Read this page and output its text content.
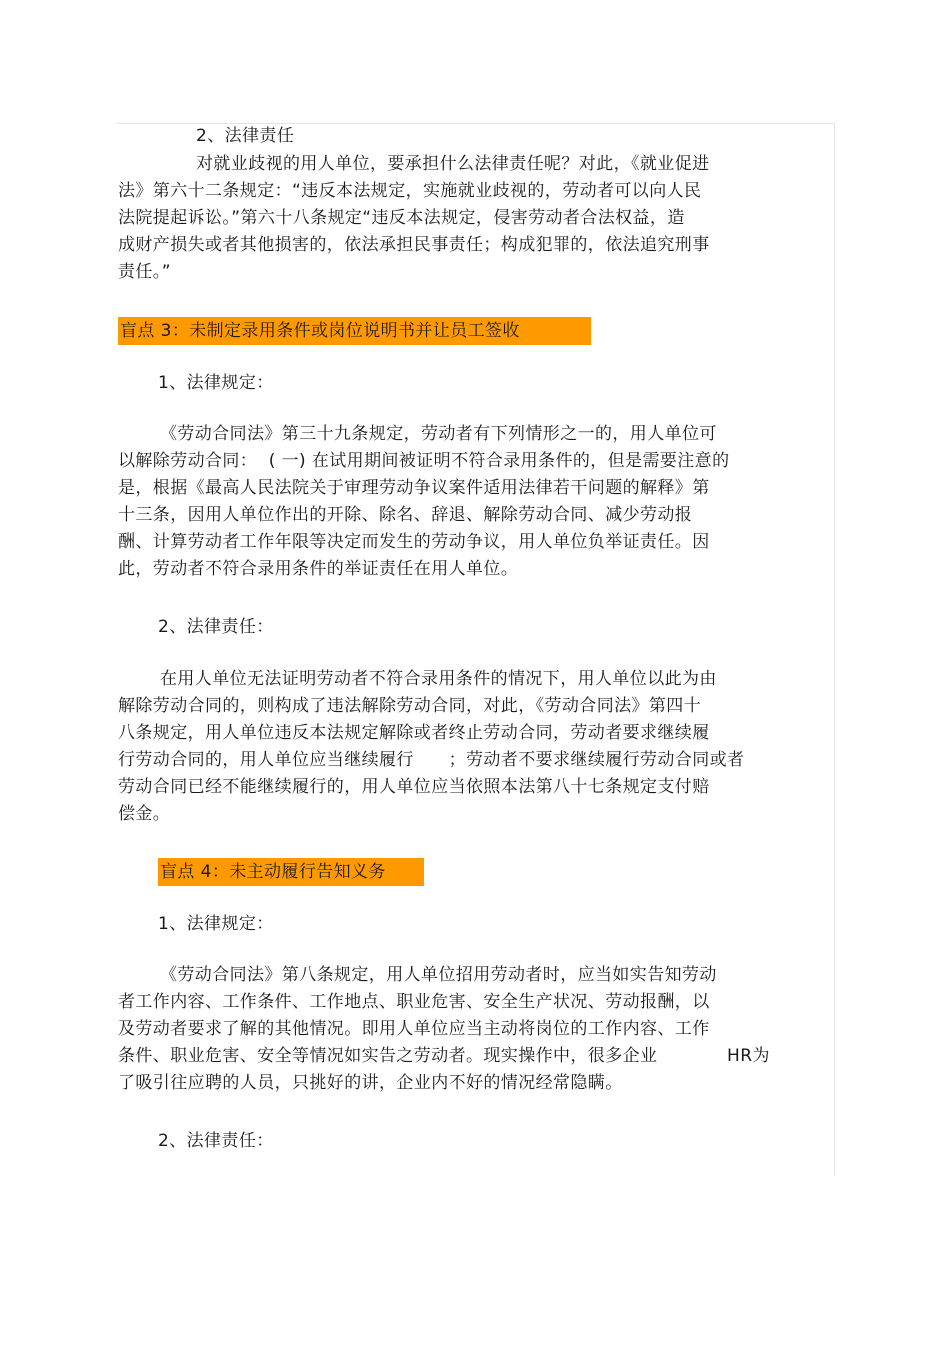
2、法律责任
对就业歧视的用人单位，要承担什么法律责任呢？对此，《就业促进
法》第六十二条规定：“违反本法规定，实施就业歧视的，劳动者可以向人民
法院提起诉讼。”第六十八条规定“违反本法规定，侵害劳动者合法权益，造
成财产损失或者其他损害的，依法承担民事责任；构成犯罪的，依法追究刑事
责任。”
盲点 3：未制定录用条件或岗位说明书并让员工签收
1、法律规定：
《劳动合同法》第三十九条规定，劳动者有下列情形之一的，用人单位可
以解除劳动合同：  ( 一) 在试用期间被证明不符合录用条件的，但是需要注意的
是，根据《最高人民法院关于审理劳动争议案件适用法律若干问题的解释》第
十三条，因用人单位作出的开除、除名、辞退、解除劳动合同、减少劳动报
酬、计算劳动者工作年限等决定而发生的劳动争议，用人单位负举证责任。因
此，劳动者不符合录用条件的举证责任在用人单位。
2、法律责任：
在用人单位无法证明劳动者不符合录用条件的情况下，用人单位以此为由
解除劳动合同的，则构成了违法解除劳动合同，对此，《劳动合同法》第四十
八条规定，用人单位违反本法规定解除或者终止劳动合同，劳动者要求继续履
行劳动合同的，用人单位应当继续履行      ；劳动者不要求继续履行劳动合同或者
劳动合同已经不能继续履行的，用人单位应当依照本法第八十七条规定支付赔
偿金。
盲点 4：未主动履行告知义务
1、法律规定：
《劳动合同法》第八条规定，用人单位招用劳动者时，应当如实告知劳动
者工作内容、工作条件、工作地点、职业危害、安全生产状况、劳动报酬，以
及劳动者要求了解的其他情况。即用人单位应当主动将岗位的工作内容、工作
条件、职业危害、安全等情况如实告之劳动者。现实操作中，很多企业            HR为
了吸引往应聘的人员，只挑好的讲，企业内不好的情况经常隐瞒。
2、法律责任：
